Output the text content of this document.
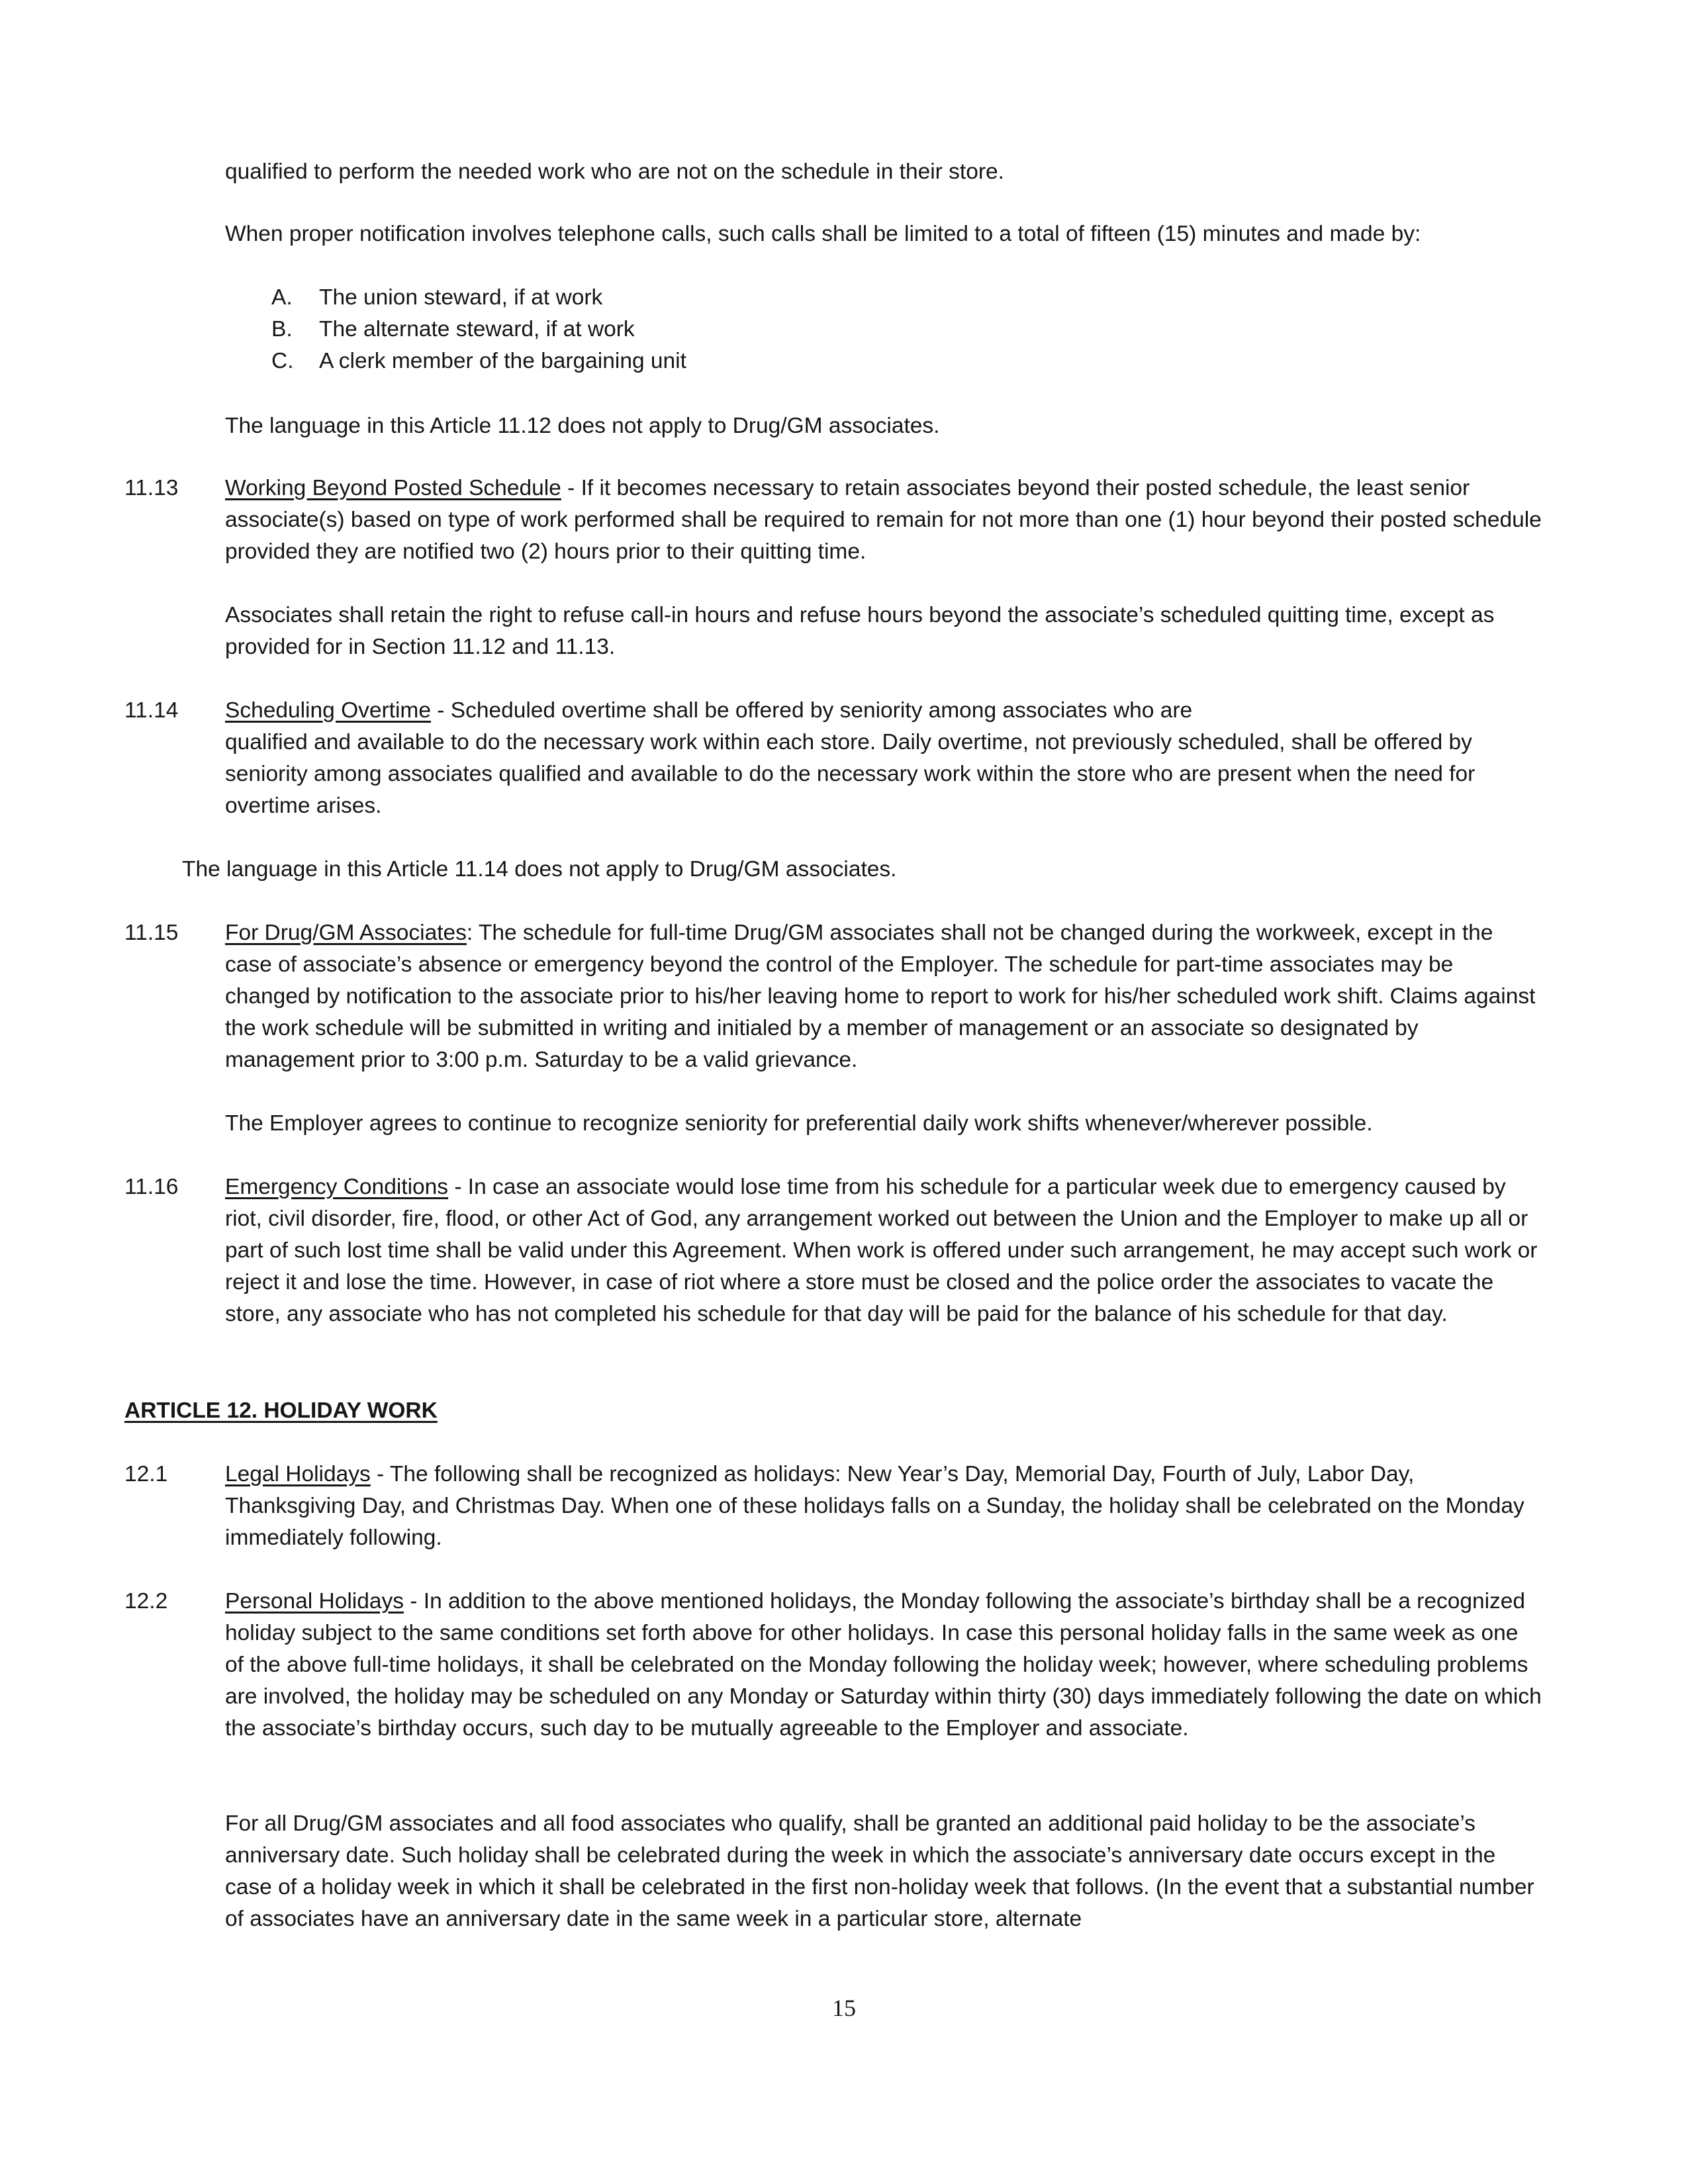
qualified to perform the needed work who are not on the schedule in their store.

When proper notification involves telephone calls, such calls shall be limited to a total of fifteen (15) minutes and made by:

A. The union steward, if at work
B. The alternate steward, if at work
C. A clerk member of the bargaining unit

The language in this Article 11.12 does not apply to Drug/GM associates.

11.13 Working Beyond Posted Schedule - If it becomes necessary to retain associates beyond their posted schedule, the least senior associate(s) based on type of work performed shall be required to remain for not more than one (1) hour beyond their posted schedule provided they are notified two (2) hours prior to their quitting time.

Associates shall retain the right to refuse call-in hours and refuse hours beyond the associate’s scheduled quitting time, except as provided for in Section 11.12 and 11.13.

11.14 Scheduling Overtime - Scheduled overtime shall be offered by seniority among associates who are
qualified and available to do the necessary work within each store. Daily overtime, not previously scheduled, shall be offered by seniority among associates qualified and available to do the necessary work within the store who are present when the need for overtime arises.

The language in this Article 11.14 does not apply to Drug/GM associates.

11.15 For Drug/GM Associates: The schedule for full-time Drug/GM associates shall not be changed during the workweek, except in the case of associate’s absence or emergency beyond the control of the Employer. The schedule for part-time associates may be changed by notification to the associate prior to his/her leaving home to report to work for his/her scheduled work shift. Claims against the work schedule will be submitted in writing and initialed by a member of management or an associate so designated by management prior to 3:00 p.m. Saturday to be a valid grievance.

The Employer agrees to continue to recognize seniority for preferential daily work shifts whenever/wherever possible.

11.16 Emergency Conditions - In case an associate would lose time from his schedule for a particular week due to emergency caused by riot, civil disorder, fire, flood, or other Act of God, any arrangement worked out between the Union and the Employer to make up all or part of such lost time shall be valid under this Agreement. When work is offered under such arrangement, he may accept such work or reject it and lose the time. However, in case of riot where a store must be closed and the police order the associates to vacate the store, any associate who has not completed his schedule for that day will be paid for the balance of his schedule for that day.

ARTICLE 12. HOLIDAY WORK

12.1	Legal Holidays - The following shall be recognized as holidays: New Year’s Day, Memorial Day, Fourth of July, Labor Day, Thanksgiving Day, and Christmas Day. When one of these holidays falls on a Sunday, the holiday shall be celebrated on the Monday immediately following.

12.2	Personal Holidays - In addition to the above mentioned holidays, the Monday following the associate’s birthday shall be a recognized holiday subject to the same conditions set forth above for other holidays. In case this personal holiday falls in the same week as one of the above full-time holidays, it shall be celebrated on the Monday following the holiday week; however, where scheduling problems are involved, the holiday may be scheduled on any Monday or Saturday within thirty (30) days immediately following the date on which the associate’s birthday occurs, such day to be mutually agreeable to the Employer and associate.

For all Drug/GM associates and all food associates who qualify, shall be granted an additional paid holiday to be the associate’s anniversary date. Such holiday shall be celebrated during the week in which the associate’s anniversary date occurs except in the case of a holiday week in which it shall be celebrated in the first non-holiday week that follows. (In the event that a substantial number of associates have an anniversary date in the same week in a particular store, alternate

15
